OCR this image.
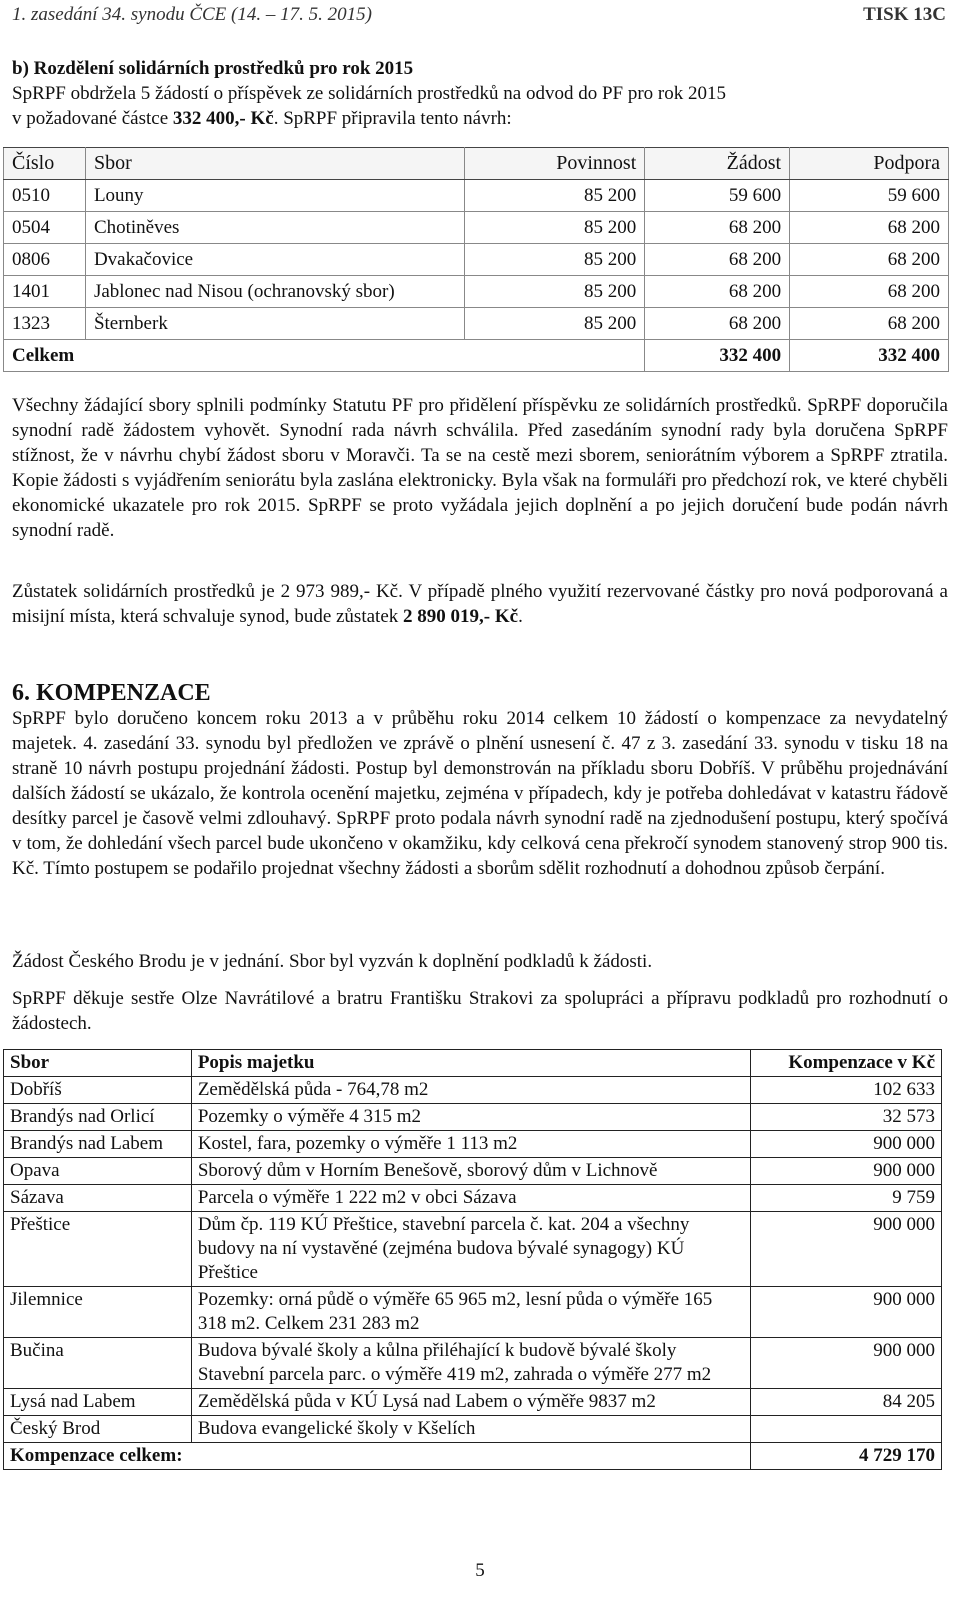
1. zasedání 34. synodu ČCE (14. – 17. 5. 2015)	TISK 13C
b) Rozdělení solidárních prostředků pro rok 2015
SpRPF obdržela 5 žádostí o příspěvek ze solidárních prostředků na odvod do PF pro rok 2015
v požadované částce 332 400,- Kč. SpRPF připravila tento návrh:
Číslo	Sbor	Povinnost	Žádost	Podpora
0510	Louny	85 200	59 600	59 600
0504	Chotiněves	85 200	68 200	68 200
0806	Dvakačovice	85 200	68 200	68 200
1401	Jablonec nad Nisou (ochranovský sbor)	85 200	68 200	68 200
1323	Šternberk	85 200	68 200	68 200
Celkem			332 400	332 400
Všechny žádající sbory splnili podmínky Statutu PF pro přidělení příspěvku ze solidárních prostředků. SpRPF doporučila synodní radě žádostem vyhovět. Synodní rada návrh schválila. Před zasedáním synodní rady byla doručena SpRPF stížnost, že v návrhu chybí žádost sboru v Moravči. Ta se na cestě mezi sborem, seniorátním výborem a SpRPF ztratila. Kopie žádosti s vyjádřením seniorátu byla zaslána elektronicky. Byla však na formuláři pro předchozí rok, ve které chyběli ekonomické ukazatele pro rok 2015. SpRPF se proto vyžádala jejich doplnění a po jejich doručení bude podán návrh synodní radě.
Zůstatek solidárních prostředků je 2 973 989,- Kč. V případě plného využití rezervované částky pro nová podporovaná a misijní místa, která schvaluje synod, bude zůstatek 2 890 019,- Kč.
6. KOMPENZACE
SpRPF bylo doručeno koncem roku 2013 a v průběhu roku 2014 celkem 10 žádostí o kompenzace za nevydatelný majetek. 4. zasedání 33. synodu byl předložen ve zprávě o plnění usnesení č. 47 z 3. zasedání 33. synodu v tisku 18 na straně 10 návrh postupu projednání žádosti. Postup byl demonstrován na příkladu sboru Dobříš. V průběhu projednávání dalších žádostí se ukázalo, že kontrola ocenění majetku, zejména v případech, kdy je potřeba dohledávat v katastru řádově desítky parcel je časově velmi zdlouhavý. SpRPF proto podala návrh synodní radě na zjednodušení postupu, který spočívá v tom, že dohledání všech parcel bude ukončeno v okamžiku, kdy celková cena překročí synodem stanovený strop 900 tis. Kč. Tímto postupem se podařilo projednat všechny žádosti a sborům sdělit rozhodnutí a dohodnou způsob čerpání.
Žádost Českého Brodu je v jednání. Sbor byl vyzván k doplnění podkladů k žádosti.
SpRPF děkuje sestře Olze Navrátilové a bratru Františku Strakovi za spolupráci a přípravu podkladů pro rozhodnutí o žádostech.
Sbor	Popis majetku	Kompenzace v Kč
Dobříš	Zemědělská půda - 764,78 m2	102 633
Brandýs nad Orlicí	Pozemky o výměře 4 315 m2	32 573
Brandýs nad Labem	Kostel, fara, pozemky o výměře 1 113 m2	900 000
Opava	Sborový dům v Horním Benešově, sborový dům v Lichnově	900 000
Sázava	Parcela o výměře 1 222 m2 v obci Sázava	9 759
Přeštice	Dům čp. 119 KÚ Přeštice, stavební parcela č. kat. 204 a všechny budovy na ní vystavěné (zejména budova bývalé synagogy) KÚ Přeštice	900 000
Jilemnice	Pozemky: orná půdě o výměře 65 965 m2, lesní půda o výměře 165 318 m2. Celkem 231 283 m2	900 000
Bučina	Budova bývalé školy a kůlna přiléhající k budově bývalé školy Stavební parcela parc. o výměře 419 m2, zahrada o výměře 277 m2	900 000
Lysá nad Labem	Zemědělská půda v KÚ Lysá nad Labem o výměře 9837 m2	84 205
Český Brod	Budova evangelické školy v Kšelích	
Kompenzace celkem:		4 729 170
5
